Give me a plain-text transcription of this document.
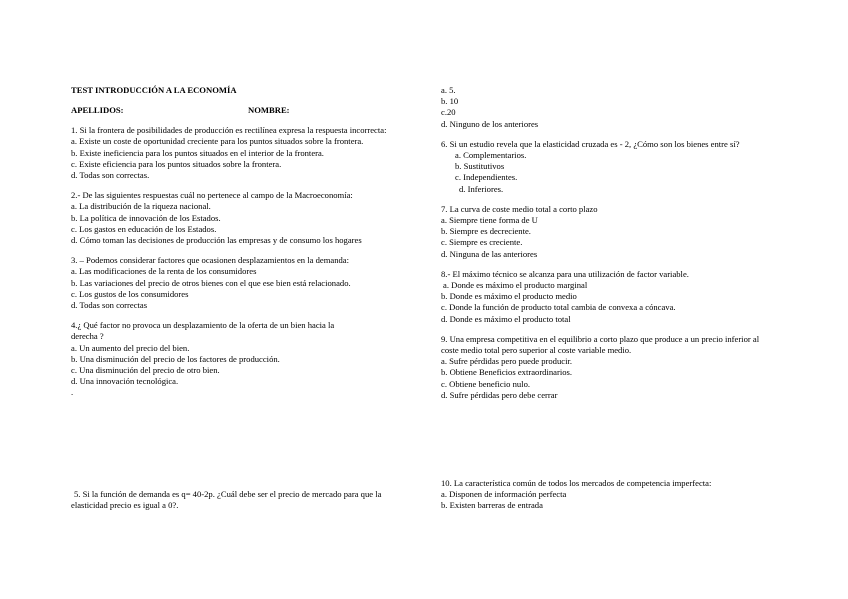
TEST INTRODUCCIÓN A LA ECONOMÍA

APELLIDOS:	NOMBRE:

1. Si la frontera de posibilidades de producción es rectilínea expresa la respuesta incorrecta:

a. Existe un coste de oportunidad creciente para los puntos situados sobre la frontera.

b. Existe ineficiencia para los puntos situados en el interior de la frontera.

c. Existe eficiencia para los puntos situados sobre la frontera.

d. Todas son correctas.

2.- De las siguientes respuestas cuál no pertenece al campo de la Macroeconomía:

a. La distribución de la riqueza nacional.

b. La política de innovación de los Estados.

c. Los gastos en educación de los Estados.

d. Cómo toman las decisiones de producción las empresas y de consumo los hogares

3. – Podemos considerar factores que ocasionen desplazamientos en la demanda:

a. Las modificaciones de la renta de los consumidores

b. Las variaciones del precio de otros bienes con el que ese bien está relacionado.

c. Los gustos de los consumidores

d. Todas son correctas

4.¿ Qué factor no provoca un desplazamiento de la oferta de un bien hacia la derecha ?

a. Un aumento del precio del bien.

b. Una disminución del precio de los factores de producción.

c. Una disminución del precio de otro bien.

d. Una innovación tecnológica.

.

5. Si la función de demanda es q= 40-2p. ¿Cuál debe ser el precio de mercado para que la elasticidad precio es igual a 0?.

a. 5.

b. 10

c.20

d. Ninguno de los anteriores

6. Si un estudio revela que la elasticidad cruzada es - 2, ¿Cómo son los bienes entre sí?

a. Complementarios.

b. Sustitutivos

c. Independientes.

d. Inferiores.

7. La curva de coste medio total a corto plazo

a. Siempre tiene forma de U

b. Siempre es decreciente.

c. Siempre es creciente.

d. Ninguna de las anteriores

8.- El máximo técnico se alcanza para una utilización de factor variable.

a. Donde es máximo el producto marginal

b. Donde es máximo el producto medio

c. Donde la función de producto total cambia de convexa a cóncava.

d. Donde es máximo el producto total

9. Una empresa competitiva en el equilibrio a corto plazo que produce a un precio inferior al coste medio total pero superior al coste variable medio.

a. Sufre pérdidas pero puede producir.

b. Obtiene Beneficios extraordinarios.

c. Obtiene beneficio nulo.

d. Sufre pérdidas pero debe cerrar

10. La característica común de todos los mercados de competencia imperfecta:

a. Disponen de información perfecta

b. Existen barreras de entrada
